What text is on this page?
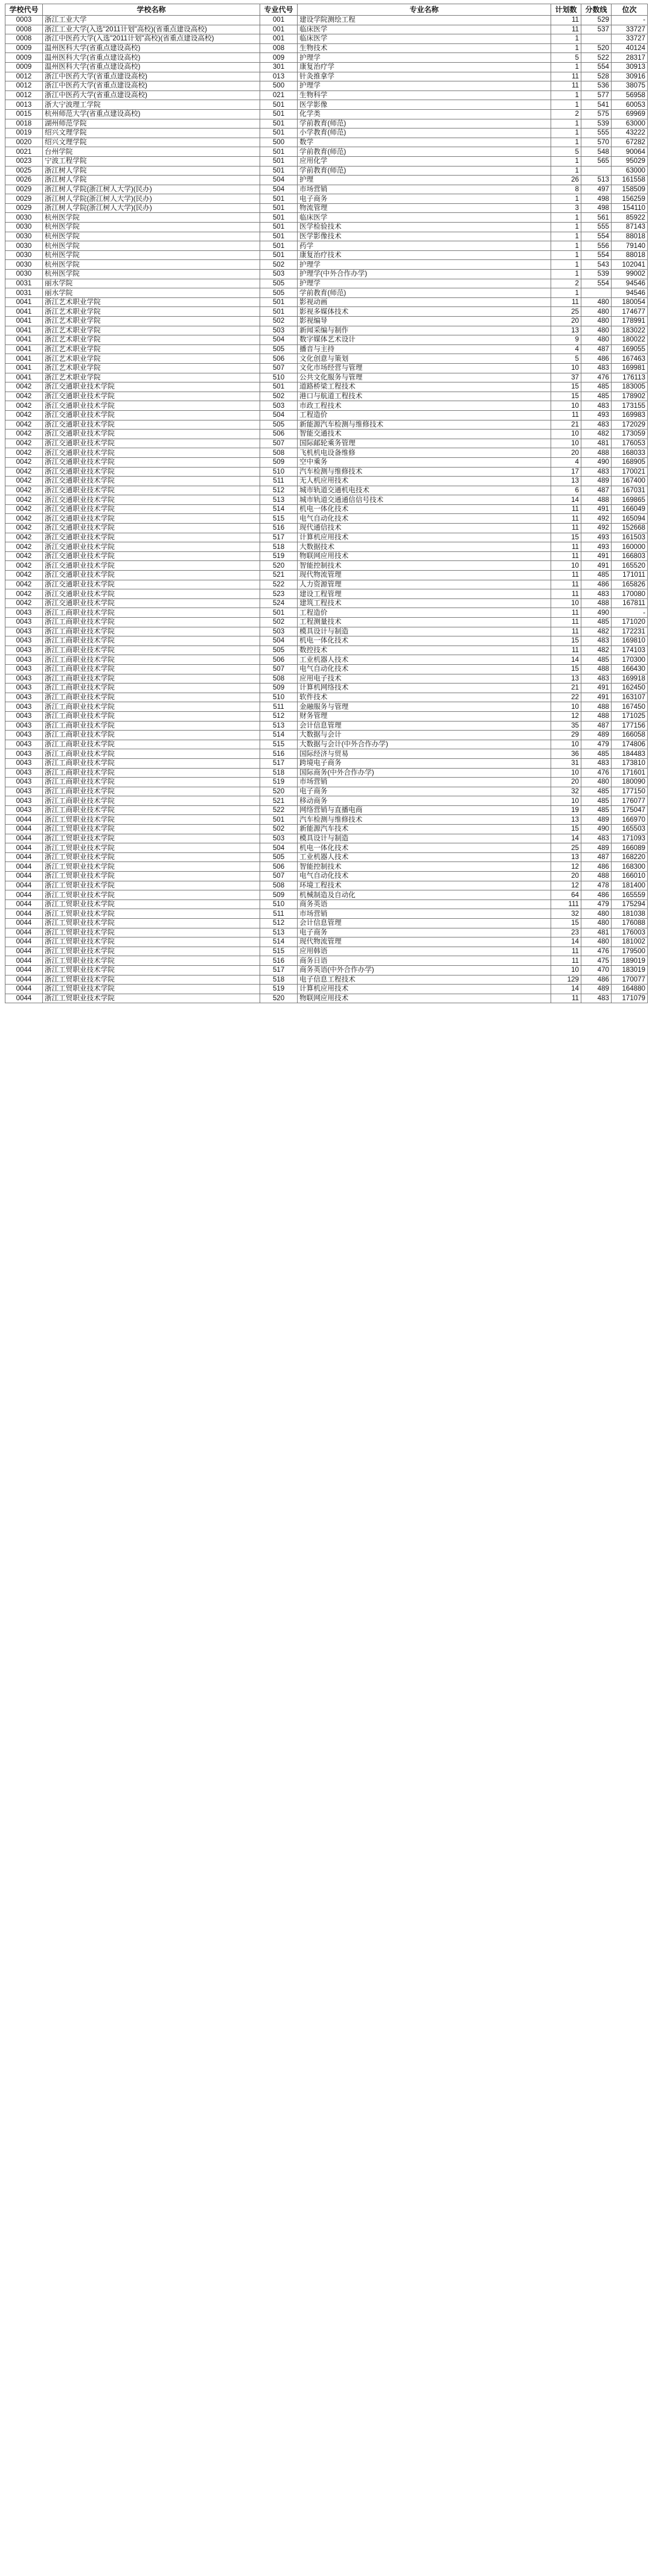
学校代号	学校名称	专业代号	专业名称	计划数	分数线	位次
0003	浙江工业大学	001	建设学院测绘工程	11	529	-
0008	浙江工业大学(入选"2011计划"高校)(省重点建设高校)	001	临床医学	11	537	33727
0008	浙江中医药大学(入选"2011计划"高校)(省重点建设高校)	001	临床医学	1		33727
0009	温州医科大学(省重点建设高校)	008	生物技术	1	520	40124
0009	温州医科大学(省重点建设高校)	009	护理学	5	522	28317
0009	温州医科大学(省重点建设高校)	301	康复治疗学	1	554	30913
0012	浙江中医药大学(省重点建设高校)	013	针灸推拿学	11	528	30916
0012	浙江中医药大学(省重点建设高校)	500	护理学	11	536	38075
0012	浙江中医药大学(省重点建设高校)	021	生物科学	1	577	56958
0013	浙大宁波理工学院	501	医学影像	1	541	60053
0015	杭州师范大学(省重点建设高校)	501	化学类	2	575	69969
0018	湖州师范学院	501	学前教育(师范)	1	539	63000
0019	绍兴文理学院	501	小学教育(师范)	1	555	43222
0020	绍兴文理学院	500	数学	1	570	67282
0021	台州学院	501	学前教育(师范)	5	548	90064
0023	宁波工程学院	501	应用化学	1	565	95029
0025	浙江树人学院	501	学前教育(师范)	1		63000
0026	浙江树人学院	504	护理	26	513	161558
0029	浙江树人学院(浙江树人大学)(民办)	504	市场营销	8	497	158509
0029	浙江树人学院(浙江树人大学)(民办)	501	电子商务	1	498	156259
0029	浙江树人学院(浙江树人大学)(民办)	501	物流管理	3	498	154110
0030	杭州医学院	501	临床医学	1	561	85922
0030	杭州医学院	501	医学检验技术	1	555	87143
0030	杭州医学院	501	医学影像技术	1	554	88018
0030	杭州医学院	501	药学	1	556	79140
0030	杭州医学院	501	康复治疗技术	1	554	88018
0030	杭州医学院	502	护理学	1	543	102041
0030	杭州医学院	503	护理学(中外合作办学)	1	539	99002
0031	丽水学院	505	护理学	2	554	94546
0031	丽水学院	505	学前教育(师范)	1		94546
0041	浙江艺术职业学院	501	影视动画	11	480	180054
0041	浙江艺术职业学院	501	影视多媒体技术	25	480	174677
0041	浙江艺术职业学院	502	影视编导	20	480	178991
0041	浙江艺术职业学院	503	新闻采编与制作	13	480	183022
0041	浙江艺术职业学院	504	数字媒体艺术设计	9	480	180022
0041	浙江艺术职业学院	505	播音与主持	4	487	169055
0041	浙江艺术职业学院	506	文化创意与策划	5	486	167463
0041	浙江艺术职业学院	507	文化市场经营与管理	10	483	169981
0041	浙江艺术职业学院	510	公共文化服务与管理	37	476	176113
0042	浙江交通职业技术学院	501	道路桥梁工程技术	15	485	183005
0042	浙江交通职业技术学院	502	港口与航道工程技术	15	485	178902
0042	浙江交通职业技术学院	503	市政工程技术	10	483	173155
0042	浙江交通职业技术学院	504	工程造价	11	493	169983
0042	浙江交通职业技术学院	505	新能源汽车检测与维修技术	21	483	172029
0042	浙江交通职业技术学院	506	智能交通技术	10	482	173059
0042	浙江交通职业技术学院	507	国际邮轮乘务管理	10	481	176053
0042	浙江交通职业技术学院	508	飞机机电设备维修	20	488	168033
0042	浙江交通职业技术学院	509	空中乘务	4	490	168905
0042	浙江交通职业技术学院	510	汽车检测与维修技术	17	483	170021
0042	浙江交通职业技术学院	511	无人机应用技术	13	489	167400
0042	浙江交通职业技术学院	512	城市轨道交通机电技术	6	487	167031
0042	浙江交通职业技术学院	513	城市轨道交通通信信号技术	14	488	169865
0042	浙江交通职业技术学院	514	机电一体化技术	11	491	166049
0042	浙江交通职业技术学院	515	电气自动化技术	11	492	165094
0042	浙江交通职业技术学院	516	现代通信技术	11	492	152668
0042	浙江交通职业技术学院	517	计算机应用技术	15	493	161503
0042	浙江交通职业技术学院	518	大数据技术	11	493	160000
0042	浙江交通职业技术学院	519	物联网应用技术	11	491	166803
0042	浙江交通职业技术学院	520	智能控制技术	10	491	165520
0042	浙江交通职业技术学院	521	现代物流管理	11	485	171011
0042	浙江交通职业技术学院	522	人力资源管理	11	486	165826
0042	浙江交通职业技术学院	523	建设工程管理	11	483	170080
0042	浙江交通职业技术学院	524	建筑工程技术	10	488	167811
0043	浙江工商职业技术学院	501	工程造价	11	490	-
0043	浙江工商职业技术学院	502	工程测量技术	11	485	171020
0043	浙江工商职业技术学院	503	模具设计与制造	11	482	172231
0043	浙江工商职业技术学院	504	机电一体化技术	15	483	169810
0043	浙江工商职业技术学院	505	数控技术	11	482	174103
0043	浙江工商职业技术学院	506	工业机器人技术	14	485	170300
0043	浙江工商职业技术学院	507	电气自动化技术	15	488	166430
0043	浙江工商职业技术学院	508	应用电子技术	13	483	169918
0043	浙江工商职业技术学院	509	计算机网络技术	21	491	162450
0043	浙江工商职业技术学院	510	软件技术	22	491	163107
0043	浙江工商职业技术学院	511	金融服务与管理	10	488	167450
0043	浙江工商职业技术学院	512	财务管理	12	488	171025
0043	浙江工商职业技术学院	513	会计信息管理	35	487	177156
0043	浙江工商职业技术学院	514	大数据与会计	29	489	166058
0043	浙江工商职业技术学院	515	大数据与会计(中外合作办学)	10	479	174806
0043	浙江工商职业技术学院	516	国际经济与贸易	36	485	184483
0043	浙江工商职业技术学院	517	跨境电子商务	31	483	173810
0043	浙江工商职业技术学院	518	国际商务(中外合作办学)	10	476	171601
0043	浙江工商职业技术学院	519	市场营销	20	480	180090
0043	浙江工商职业技术学院	520	电子商务	32	485	177150
0043	浙江工商职业技术学院	521	移动商务	10	485	176077
0043	浙江工商职业技术学院	522	网络营销与直播电商	19	485	175047
0044	浙江工贸职业技术学院	501	汽车检测与维修技术	13	489	166970
0044	浙江工贸职业技术学院	502	新能源汽车技术	15	490	165503
0044	浙江工贸职业技术学院	503	模具设计与制造	14	483	171093
0044	浙江工贸职业技术学院	504	机电一体化技术	25	489	166089
0044	浙江工贸职业技术学院	505	工业机器人技术	13	487	168220
0044	浙江工贸职业技术学院	506	智能控制技术	12	486	168300
0044	浙江工贸职业技术学院	507	电气自动化技术	20	488	166010
0044	浙江工贸职业技术学院	508	环境工程技术	12	478	181400
0044	浙江工贸职业技术学院	509	机械制造及自动化	64	486	165559
0044	浙江工贸职业技术学院	510	商务英语	111	479	175294
0044	浙江工贸职业技术学院	511	市场营销	32	480	181038
0044	浙江工贸职业技术学院	512	会计信息管理	15	480	176088
0044	浙江工贸职业技术学院	513	电子商务	23	481	176003
0044	浙江工贸职业技术学院	514	现代物流管理	14	480	181002
0044	浙江工贸职业技术学院	515	应用韩语	11	476	179500
0044	浙江工贸职业技术学院	516	商务日语	11	475	189019
0044	浙江工贸职业技术学院	517	商务英语(中外合作办学)	10	470	183019
0044	浙江工贸职业技术学院	518	电子信息工程技术	129	486	170077
0044	浙江工贸职业技术学院	519	计算机应用技术	14	489	164880
0044	浙江工贸职业技术学院	520	物联网应用技术	11	483	171079
